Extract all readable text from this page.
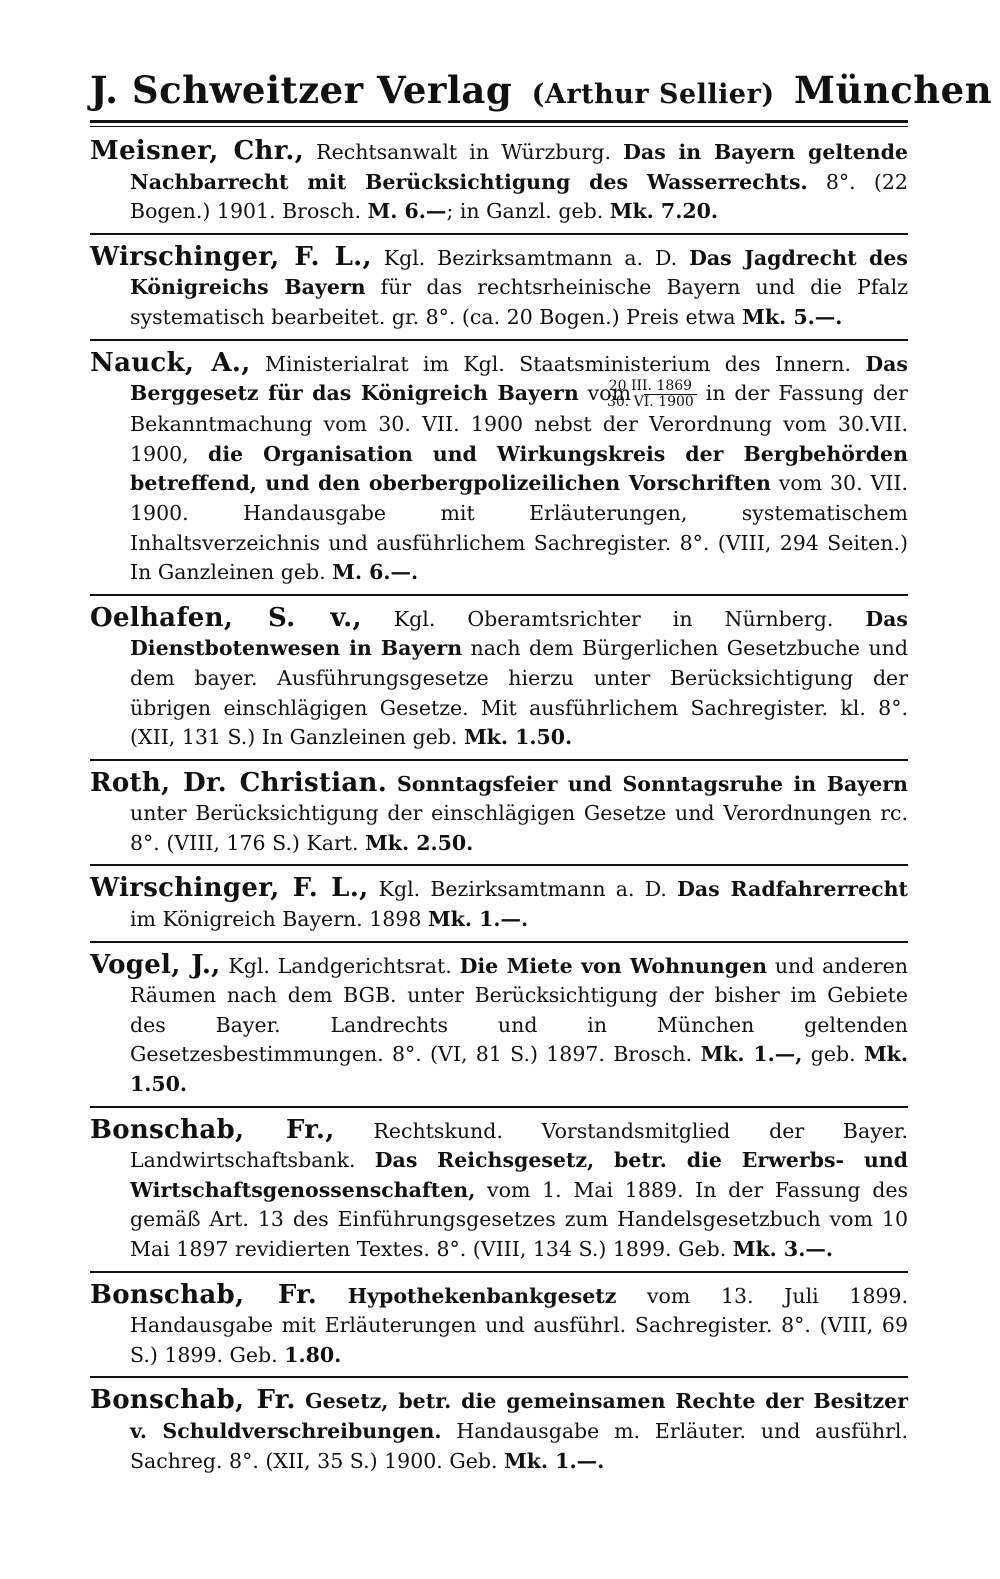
J. Schweitzer Verlag (Arthur Sellier) München

Meisner, Chr., Rechtsanwalt in Würzburg. Das in Bayern geltende Nachbarrecht mit Berücksichtigung des Wasserrechts. 8°. (22 Bogen.) 1901. Brosch. M. 6.—; in Ganzl. geb. Mk. 7.20.

Wirschinger, F. L., Kgl. Bezirksamtmann a. D. Das Jagdrecht des Königreichs Bayern für das rechtsrheinische Bayern und die Pfalz systematisch bearbeitet. gr. 8°. (ca. 20 Bogen.) Preis etwa Mk. 5.—.

Nauck, A., Ministerialrat im Kgl. Staatsministerium des Innern. Das Berggesetz für das Königreich Bayern vom $\frac{\text{20 III. 1869}}{30. VI. 1900}$ in der Fassung der Bekanntmachung vom 30. VII. 1900 nebst der Verordnung vom 30.VII. 1900, die Organisation und Wirkungskreis der Bergbehörden betreffend, und den oberbergpolizeilichen Vorschriften vom 30. VII. 1900. Handausgabe mit Erläuterungen, systematischem Inhaltsverzeichnis und ausführlichem Sachregister. 8°. (VIII, 294 Seiten.) In Ganzleinen geb. M. 6.—.

Oelhafen, S. v., Kgl. Oberamtsrichter in Nürnberg. Das Dienstbotenwesen in Bayern nach dem Bürgerlichen Gesetzbuche und dem bayer. Ausführungsgesetze hierzu unter Berücksichtigung der übrigen einschlägigen Gesetze. Mit ausführlichem Sachregister. kl. 8°. (XII, 131 S.) In Ganzleinen geb. Mk. 1.50.

Roth, Dr. Christian. Sonntagsfeier und Sonntagsruhe in Bayern unter Berücksichtigung der einschlägigen Gesetze und Verordnungen rc. 8°. (VIII, 176 S.) Kart. Mk. 2.50.

Wirschinger, F. L., Kgl. Bezirksamtmann a. D. Das Radfahrerrecht im Königreich Bayern. 1898 Mk. 1.—.

Vogel, J., Kgl. Landgerichtsrat. Die Miete von Wohnungen und anderen Räumen nach dem BGB. unter Berücksichtigung der bisher im Gebiete des Bayer. Landrechts und in München geltenden Gesetzesbestimmungen. 8°. (VI, 81 S.) 1897. Brosch. Mk. 1.—, geb. Mk. 1.50.

Bonschab, Fr., Rechtskund. Vorstandsmitglied der Bayer. Landwirtschaftsbank. Das Reichsgesetz, betr. die Erwerbs- und Wirtschaftsgenossenschaften, vom 1. Mai 1889. In der Fassung des gemäß Art. 13 des Einführungsgesetzes zum Handelsgesetzbuch vom 10 Mai 1897 revidierten Textes. 8°. (VIII, 134 S.) 1899. Geb. Mk. 3.—.

Bonschab, Fr. Hypothekenbankgesetz vom 13. Juli 1899. Handausgabe mit Erläuterungen und ausführl. Sachregister. 8°. (VIII, 69 S.) 1899. Geb. 1.80.

Bonschab, Fr. Gesetz, betr. die gemeinsamen Rechte der Besitzer v. Schuldverschreibungen. Handausgabe m. Erläuter. und ausführl. Sachreg. 8°. (XII, 35 S.) 1900. Geb. Mk. 1.—.
